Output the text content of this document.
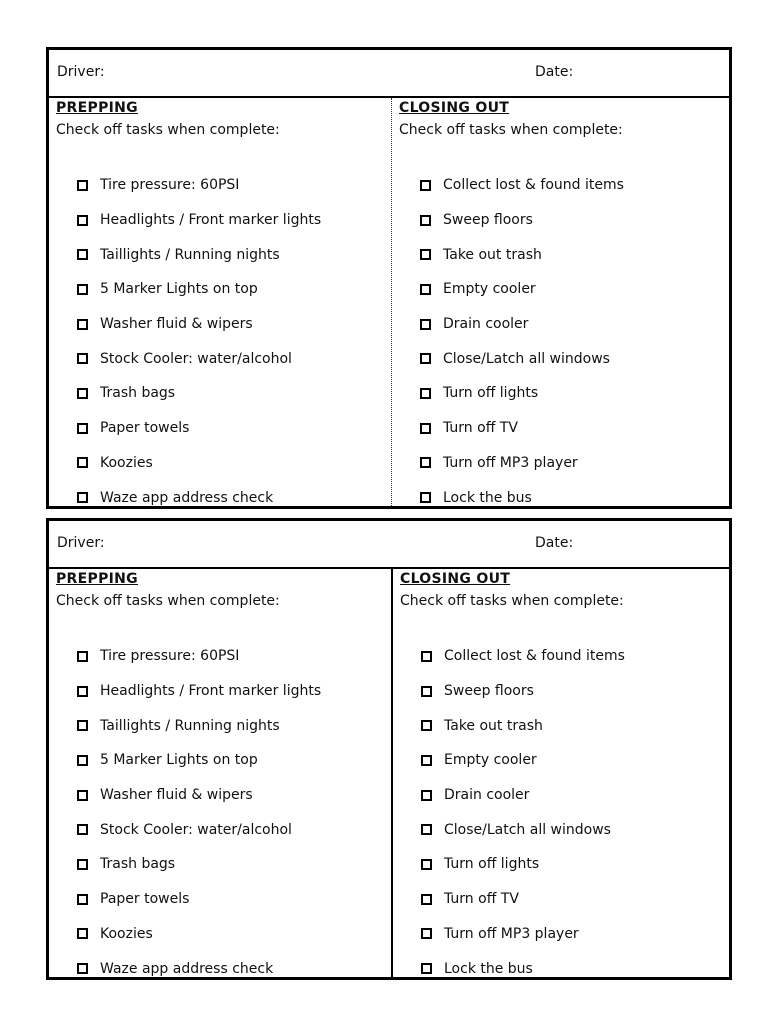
Driver:	Date:
PREPPING
Check off tasks when complete:
Tire pressure: 60PSI
Headlights / Front marker lights
Taillights / Running nights
5 Marker Lights on top
Washer fluid & wipers
Stock Cooler: water/alcohol
Trash bags
Paper towels
Koozies
Waze app address check
CLOSING OUT
Check off tasks when complete:
Collect lost & found items
Sweep floors
Take out trash
Empty cooler
Drain cooler
Close/Latch all windows
Turn off lights
Turn off TV
Turn off MP3 player
Lock the bus
Driver:	Date:
PREPPING
Check off tasks when complete:
Tire pressure: 60PSI
Headlights / Front marker lights
Taillights / Running nights
5 Marker Lights on top
Washer fluid & wipers
Stock Cooler: water/alcohol
Trash bags
Paper towels
Koozies
Waze app address check
CLOSING OUT
Check off tasks when complete:
Collect lost & found items
Sweep floors
Take out trash
Empty cooler
Drain cooler
Close/Latch all windows
Turn off lights
Turn off TV
Turn off MP3 player
Lock the bus
